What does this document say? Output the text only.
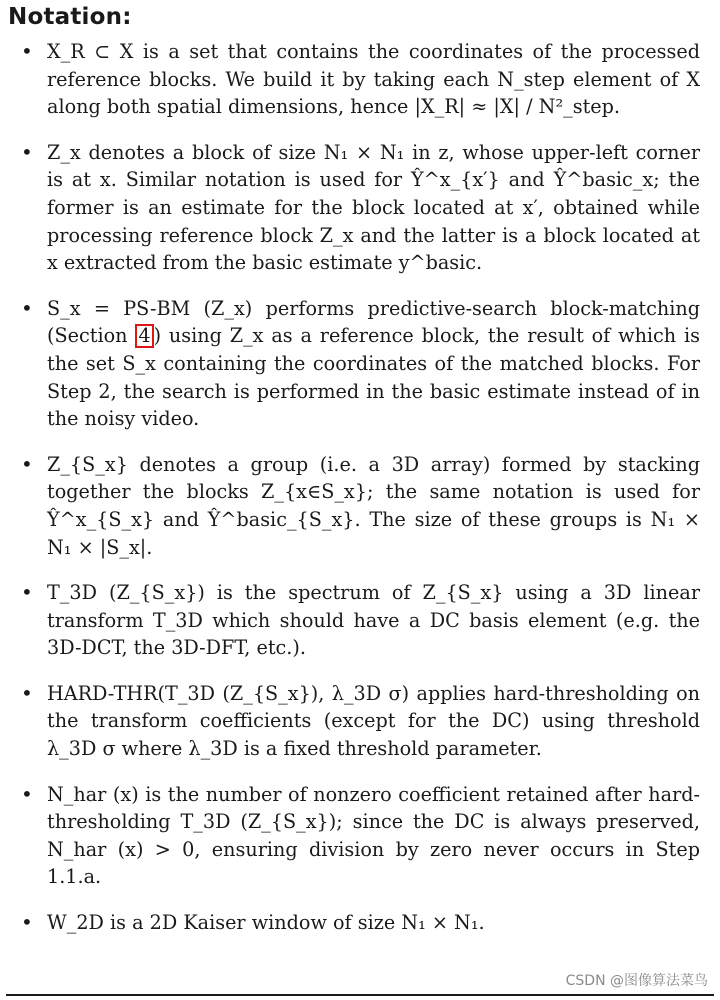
Notation:
• X_R ⊂ X is a set that contains the coordinates of the processed reference blocks. We build it by taking each N_step element of X along both spatial dimensions, hence |X_R| ≈ |X| / N²_step.
• Z_x denotes a block of size N₁ × N₁ in z, whose upper-left corner is at x. Similar notation is used for Ŷ^x_{x′} and Ŷ^basic_x; the former is an estimate for the block located at x′, obtained while processing reference block Z_x and the latter is a block located at x extracted from the basic estimate y^basic.
• S_x = PS-BM (Z_x) performs predictive-search block-matching (Section 4 ) using Z_x as a reference block, the result of which is the set S_x containing the coordinates of the matched blocks. For Step 2, the search is performed in the basic estimate instead of in the noisy video.
• Z_{S_x} denotes a group (i.e. a 3D array) formed by stacking together the blocks Z_{x∈S_x}; the same notation is used for Ŷ^x_{S_x} and Ŷ^basic_{S_x}. The size of these groups is N₁ × N₁ × |S_x|.
• T_3D (Z_{S_x}) is the spectrum of Z_{S_x} using a 3D linear transform T_3D which should have a DC basis element (e.g. the 3D-DCT, the 3D-DFT, etc.).
• HARD-THR(T_3D (Z_{S_x}), λ_3D σ) applies hard-thresholding on the transform coefficients (except for the DC) using threshold λ_3D σ where λ_3D is a fixed threshold parameter.
• N_har (x) is the number of nonzero coefficient retained after hard-thresholding T_3D (Z_{S_x}); since the DC is always preserved, N_har (x) > 0, ensuring division by zero never occurs in Step 1.1.a.
• W_2D is a 2D Kaiser window of size N₁ × N₁.
CSDN @图像算法菜鸟
